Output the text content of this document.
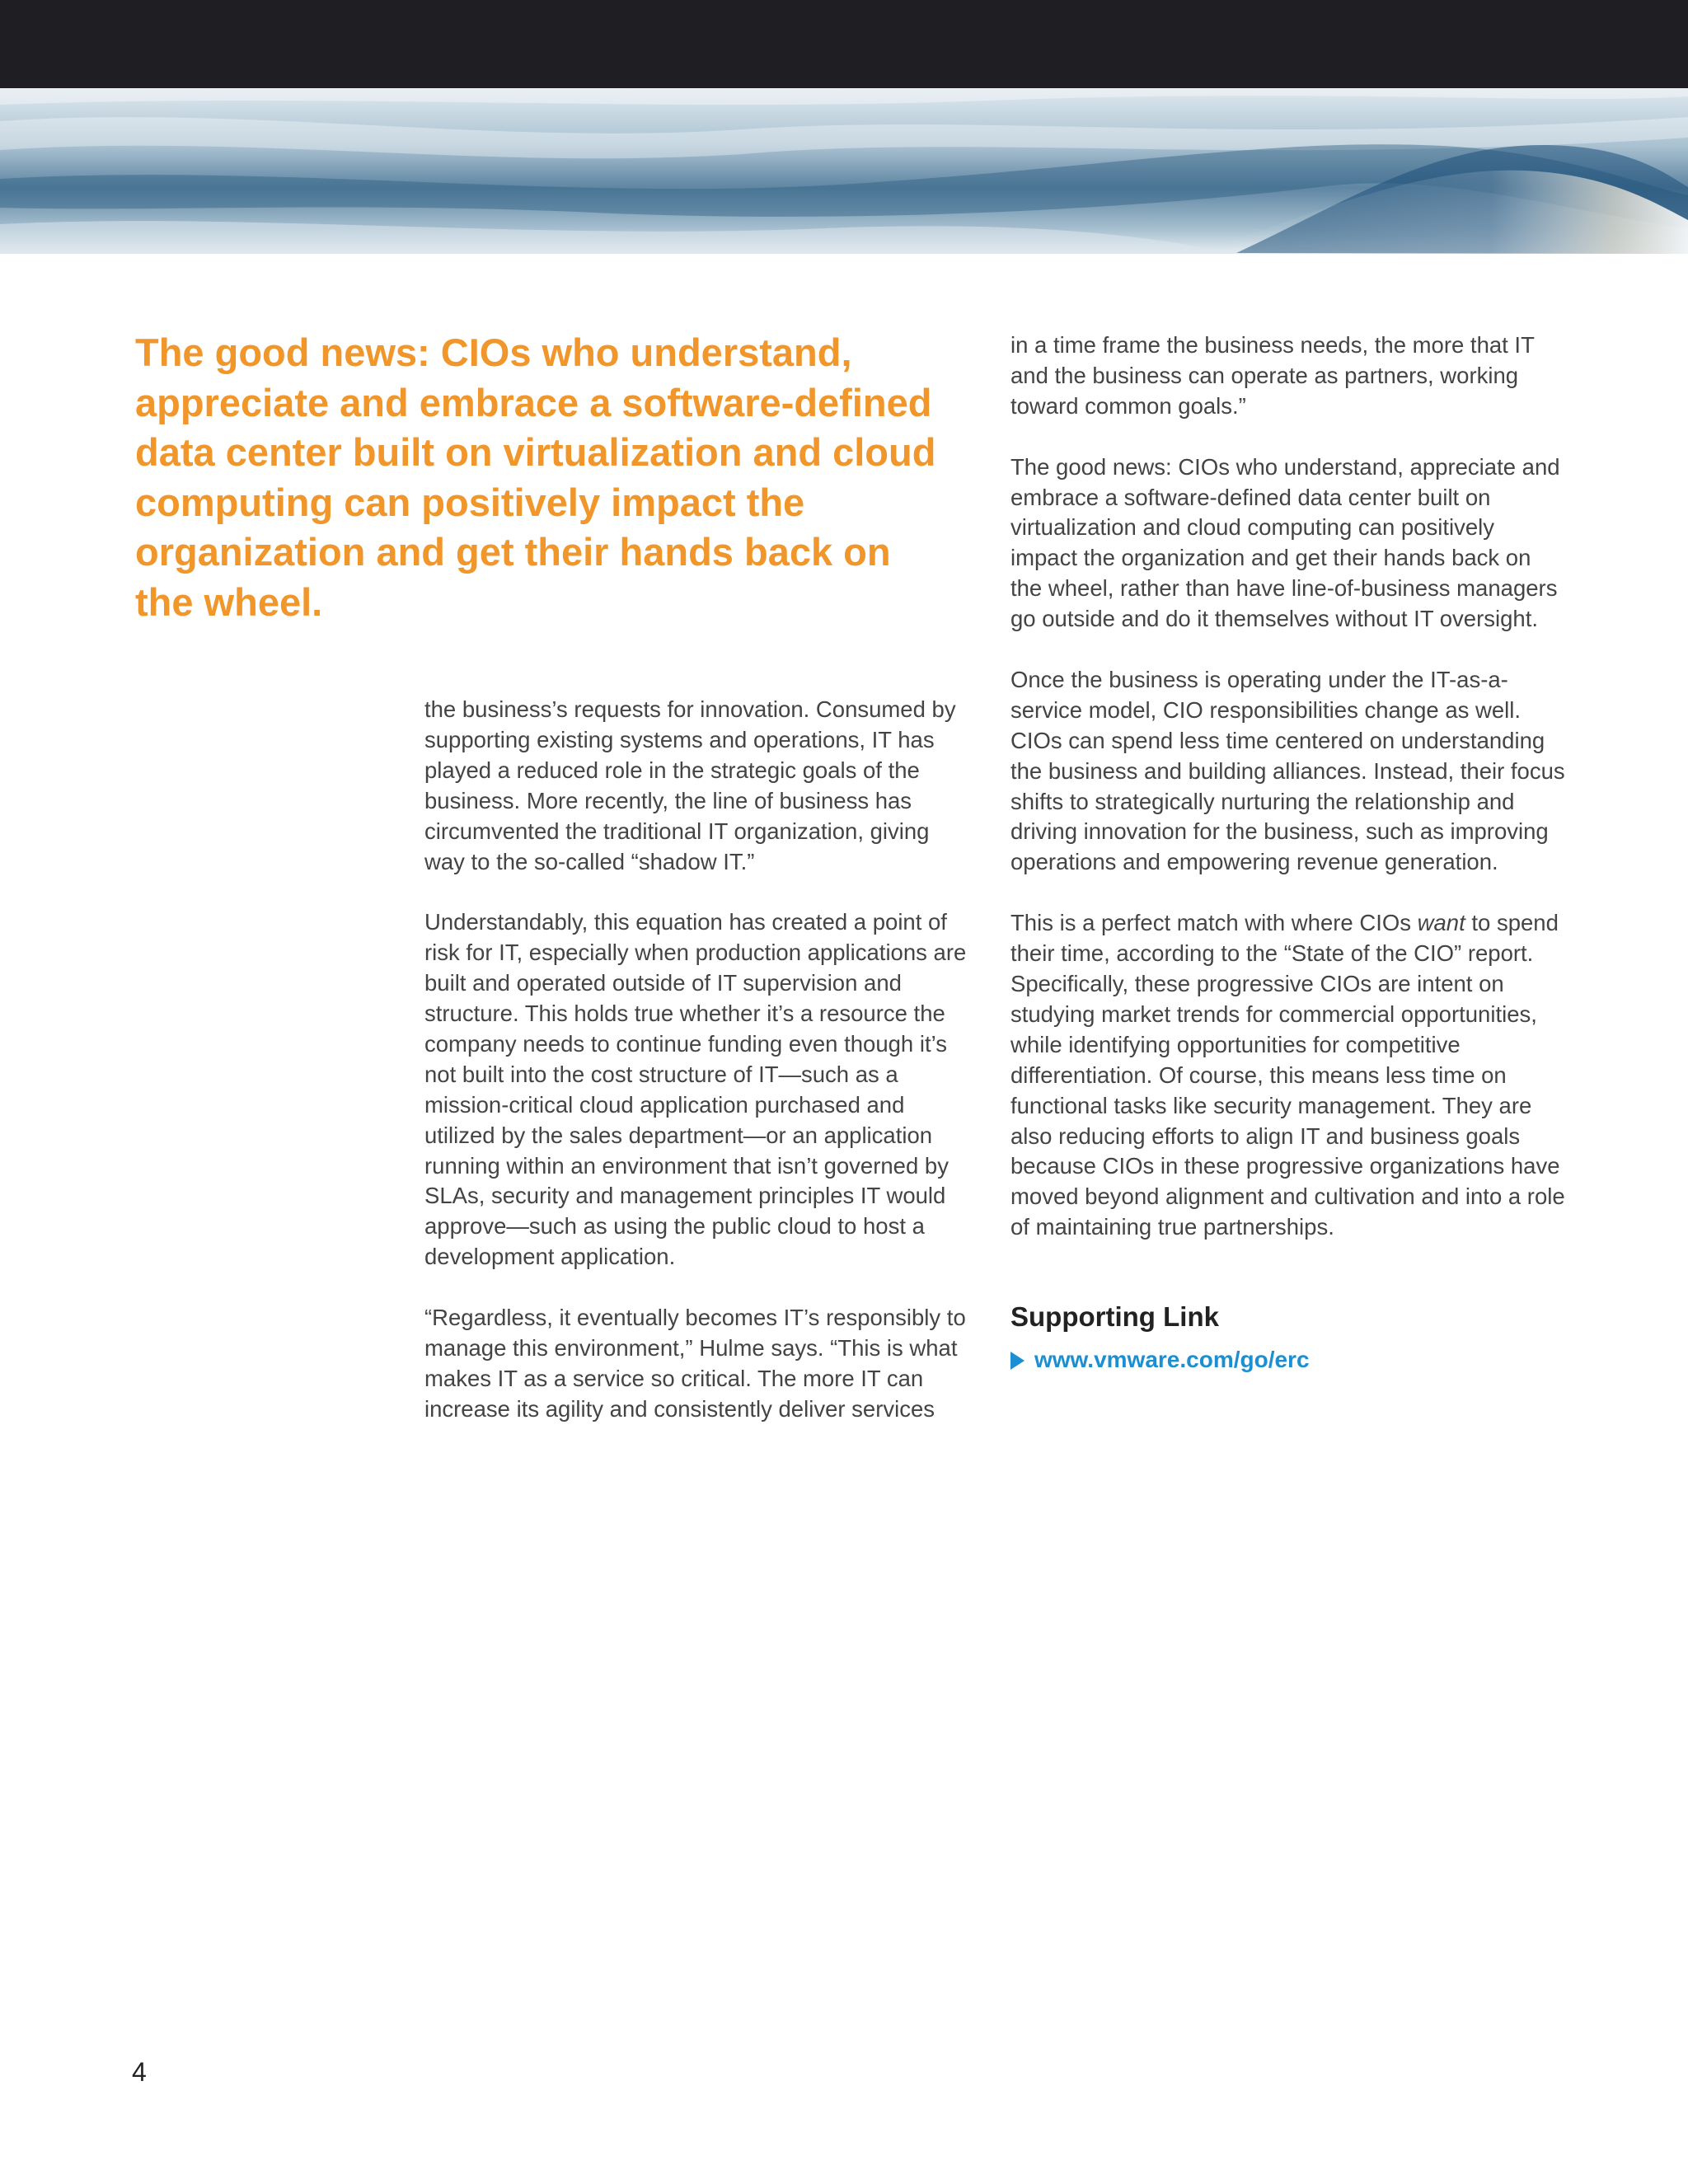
The good news: CIOs who understand, appreciate and embrace a software-defined data center built on virtualization and cloud computing can positively impact the organization and get their hands back on the wheel.

the business’s requests for innovation. Consumed by supporting existing systems and operations, IT has played a reduced role in the strategic goals of the business. More recently, the line of business has circumvented the traditional IT organization, giving way to the so-called “shadow IT.”

Understandably, this equation has created a point of risk for IT, especially when production applications are built and operated outside of IT supervision and structure. This holds true whether it’s a resource the company needs to continue funding even though it’s not built into the cost structure of IT—such as a mission-critical cloud application purchased and utilized by the sales department—or an application running within an environment that isn’t governed by SLAs, security and management principles IT would approve—such as using the public cloud to host a development application.

“Regardless, it eventually becomes IT’s responsibly to manage this environment,” Hulme says. “This is what makes IT as a service so critical. The more IT can increase its agility and consistently deliver services

in a time frame the business needs, the more that IT and the business can operate as partners, working toward common goals.”

The good news: CIOs who understand, appreciate and embrace a software-defined data center built on virtualization and cloud computing can positively impact the organization and get their hands back on the wheel, rather than have line-of-business managers go outside and do it themselves without IT oversight.

Once the business is operating under the IT-as-a-service model, CIO responsibilities change as well. CIOs can spend less time centered on understanding the business and building alliances. Instead, their focus shifts to strategically nurturing the relationship and driving innovation for the business, such as improving operations and empowering revenue generation.

This is a perfect match with where CIOs want to spend their time, according to the “State of the CIO” report. Specifically, these progressive CIOs are intent on studying market trends for commercial opportunities, while identifying opportunities for competitive differentiation. Of course, this means less time on functional tasks like security management. They are also reducing efforts to align IT and business goals because CIOs in these progressive organizations have moved beyond alignment and cultivation and into a role of maintaining true partnerships.

Supporting Link
www.vmware.com/go/erc
4
